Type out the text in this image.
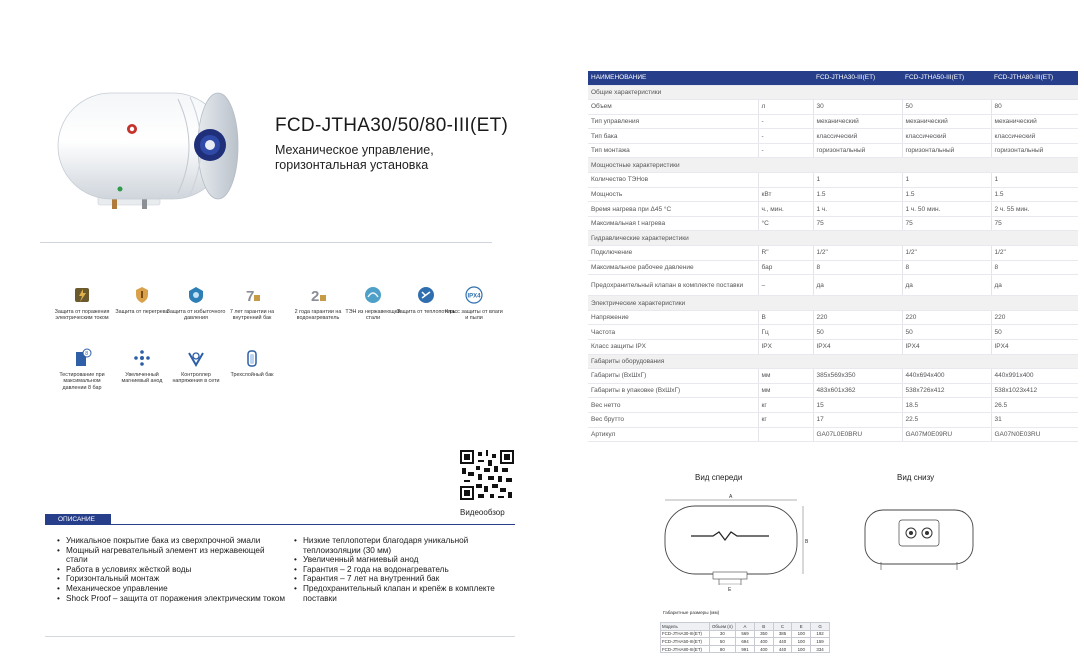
FCD-JTHA30/50/80-III(ET)
Механическое управление,
горизонтальная установка
Защита от поражения электрическим током
Защита от перегрева
Защита от избыточного давления
7
7 лет гарантии на внутренний бак
2
2 года гарантии на водонагреватель
ТЭН из нержавеющей стали
Защита от теплопотерь
IPX4
Класс защиты от влаги и пыли
8
Тестирование при максимальном давлении 8 бар
Увеличенный магниевый анод
Контроллер напряжения в сети
Трехслойный бак
Видеообзор
ОПИСАНИЕ
• Уникальное покрытие бака из сверхпрочной эмали
• Мощный нагревательный элемент из нержавеющей стали
• Работа в условиях жёсткой воды
• Горизонтальный монтаж
• Механическое управление
• Shock Proof – защита от поражения электрическим током
• Низкие теплопотери благодаря уникальной теплоизоляции (30 мм)
• Увеличенный магниевый анод
• Гарантия – 2 года на водонагреватель
• Гарантия – 7 лет на внутренний бак
• Предохранительный клапан и крепёж в комплекте поставки
НАИМЕНОВАНИЕ		FCD-JTHA30-III(ET)	FCD-JTHA50-III(ET)	FCD-JTHA80-III(ET)
Общие характеристики				
Объем	л	30	50	80
Тип управления	-	механический	механический	механический
Тип бака	-	классический	классический	классический
Тип монтажа	-	горизонтальный	горизонтальный	горизонтальный
Мощностные характеристики				
Количество ТЭНов		1	1	1
Мощность	кВт	1.5	1.5	1.5
Время нагрева при Δ45 °С	ч., мин.	1 ч.	1 ч. 50 мин.	2 ч. 55 мин.
Максимальная t нагрева	°С	75	75	75
Гидравлические характеристики				
Подключение	R"	1/2"	1/2"	1/2"
Максимальное рабочее давление	бар	8	8	8
Предохранительный клапан в комплекте поставки	–	да	да	да
Электрические характеристики				
Напряжение	В	220	220	220
Частота	Гц	50	50	50
Класс защиты IPX	IPX	IPX4	IPX4	IPX4
Габариты оборудования				
Габариты (ВхШхГ)	мм	385х569х350	440х694х400	440х991х400
Габариты в упаковке (ВхШхГ)	мм	483х601х362	538х726х412	538х1023х412
Вес нетто	кг	15	18.5	26.5
Вес брутто	кг	17	22.5	31
Артикул		GA07L0E0BRU	GA07M0E09RU	GA07N0E03RU
Вид спереди	Вид снизу
A
B
E
Габаритные размеры (мм)
Модель	Объем (л)	A	B	C	E	G
FCD-JTHA30-III(ET)	30	569	350	385	100	192
FCD-JTHA50-III(ET)	50	694	400	440	100	159
FCD-JTHA80-III(ET)	80	991	400	440	100	334
